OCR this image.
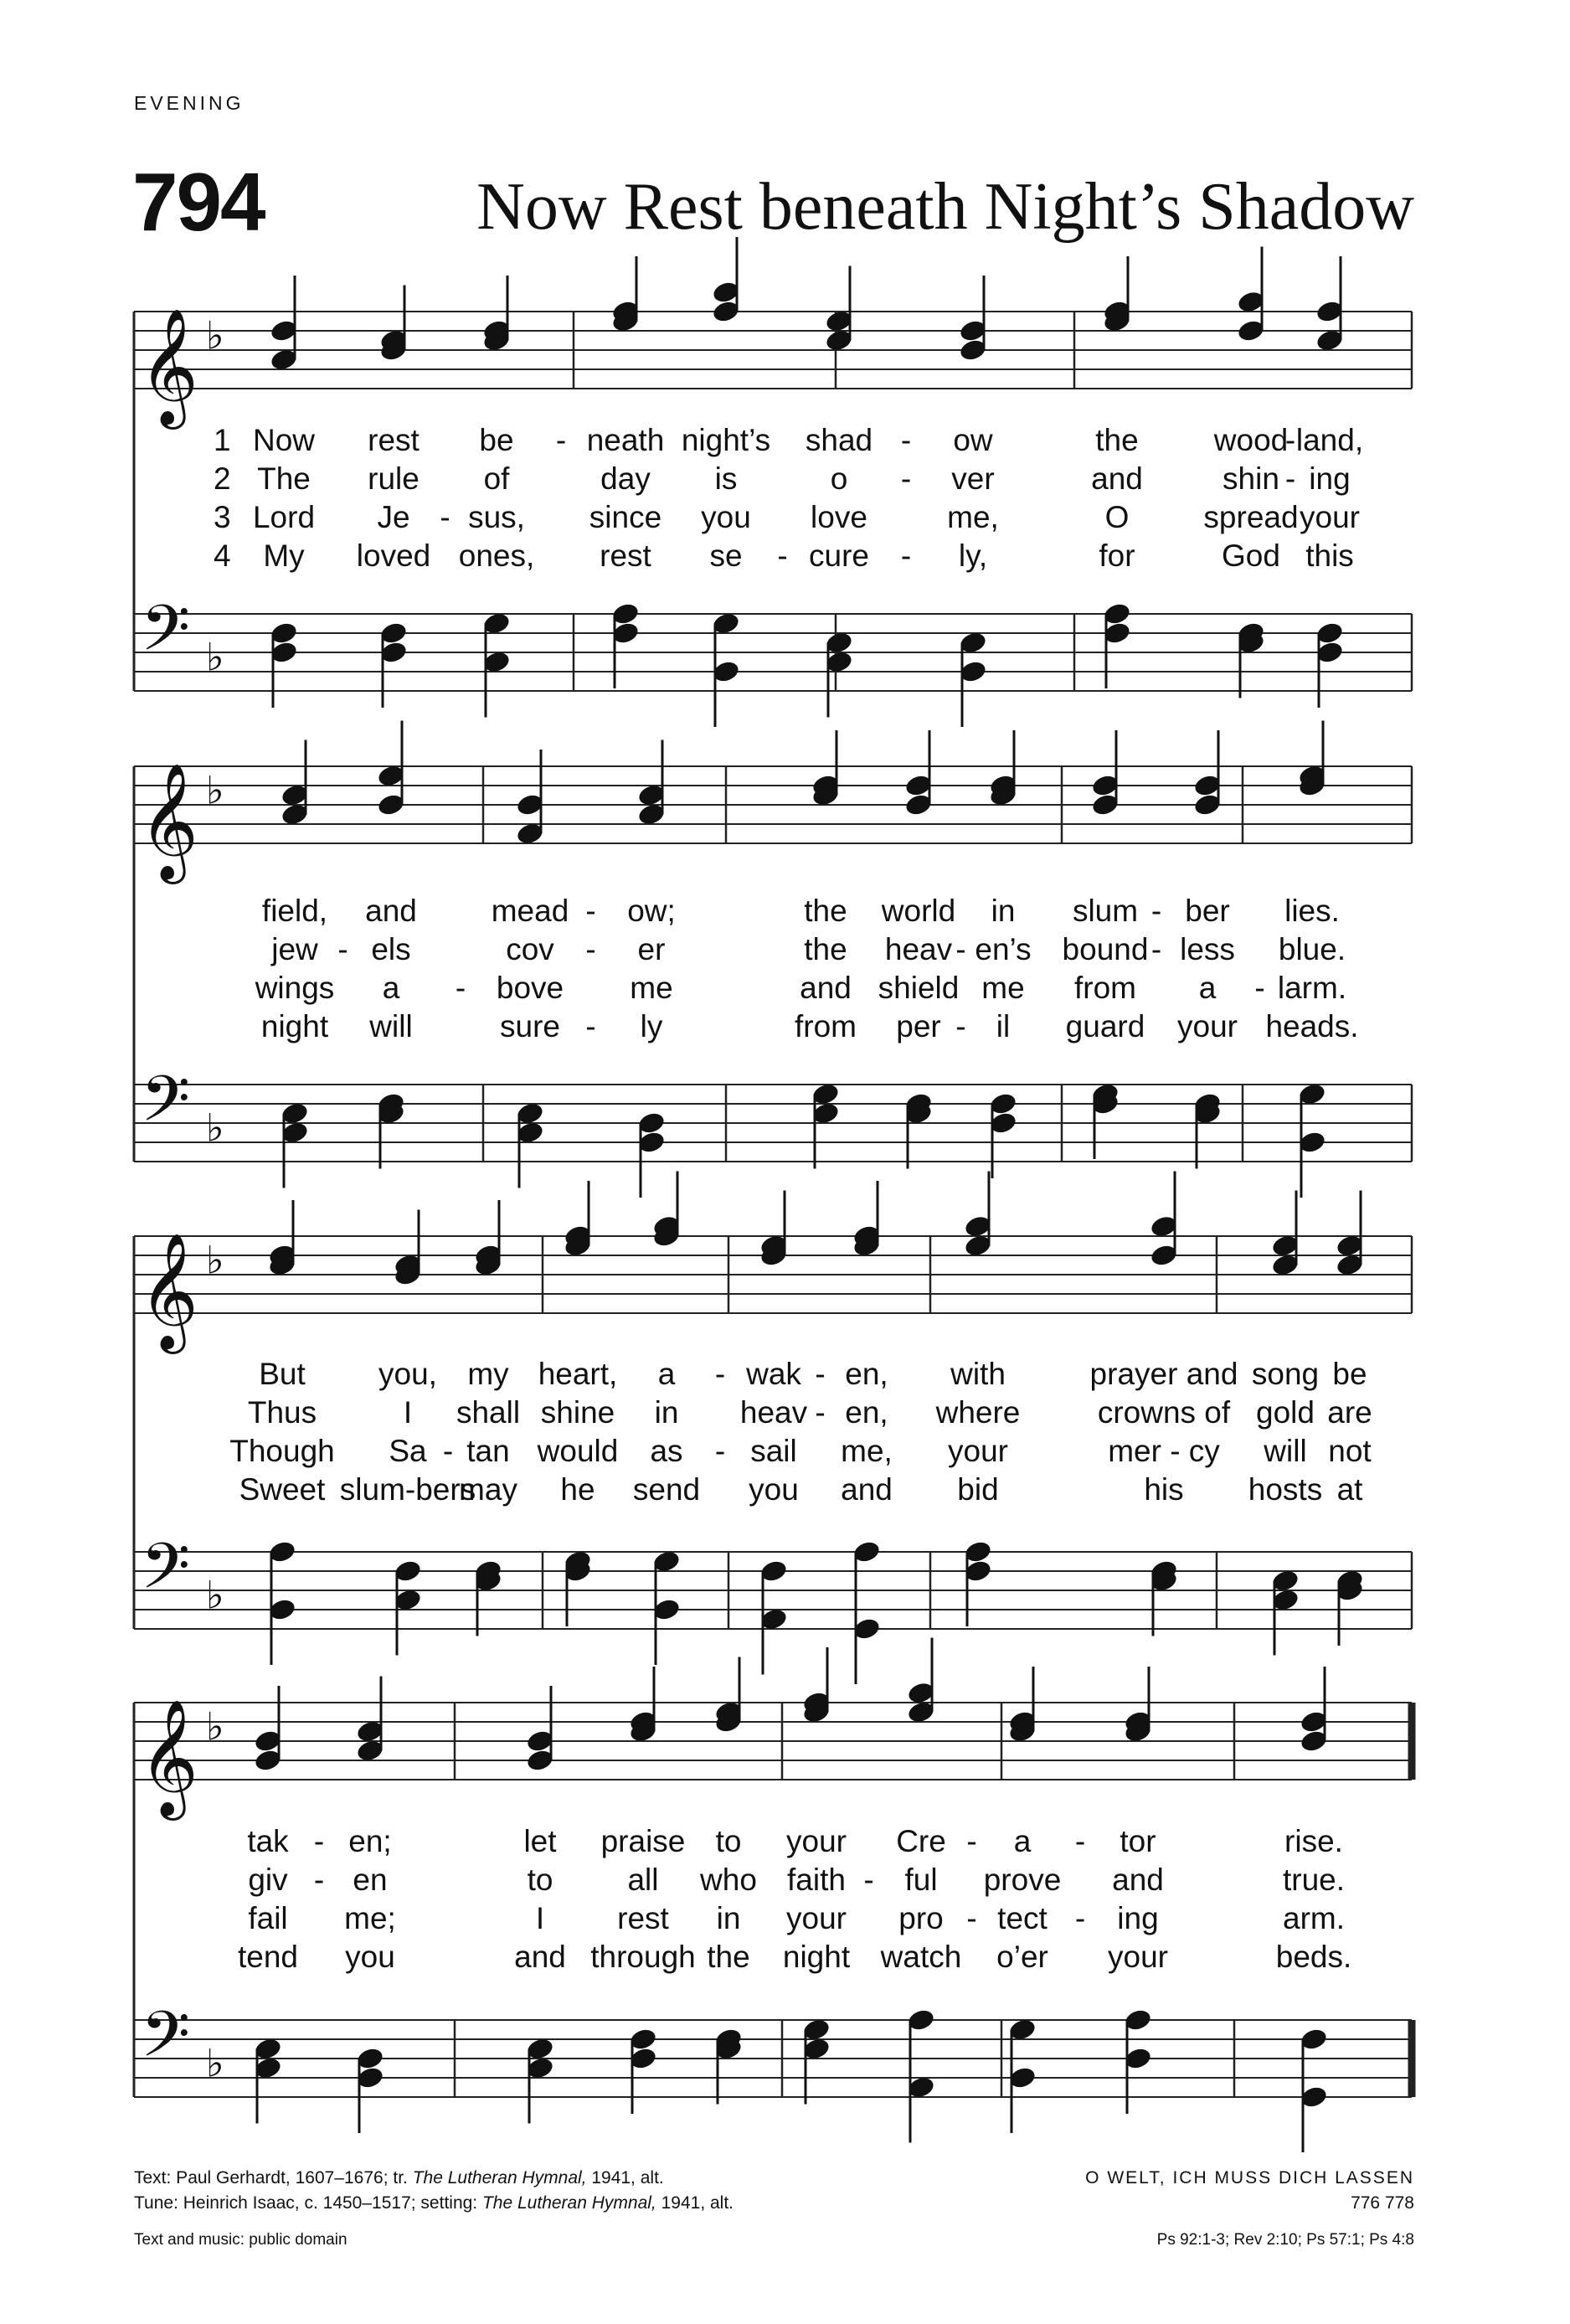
EVENING
794	Now Rest beneath Night’s Shadow
𝄞 ♭
𝄢 ♭
𝄞 ♭
𝄢 ♭
𝄞 ♭
𝄢 ♭
𝄞 ♭
𝄢 ♭
Text: Paul Gerhardt, 1607–1676; tr. The Lutheran Hymnal, 1941, alt.
Tune: Heinrich Isaac, c. 1450–1517; setting: The Lutheran Hymnal, 1941, alt.
Text and music: public domain
O WELT, ICH MUSS DICH LASSEN
776 778
Ps 92:1-3; Rev 2:10; Ps 57:1; Ps 4:8
1 Now rest be - neath night’s shad - ow	the wood
- land,
2 The rule of	day is	o - ver	and	shin - ing
3 Lord Je - sus, since you love	me,	O spread your
4 My loved ones, rest se - cure - ly,	for	God this
field, and mead - ow;	the world in slum - ber lies.
jew - els	cov - er	the heav - en’s bound - less blue.
wings a - bove me	and shield me from a - larm.
night will	sure - ly	from per - il guard your heads.
But you, my heart, a - wak - en, with	prayer and song be
Thus	I shall shine in heav - en, where crowns of gold are
Though Sa - tan would as - sail me, your	mer - cy will not
Sweet slum-bers
may he send you and bid	his hosts at
tak - en;	let praise to your Cre - a - tor	rise.
giv - en	to all who faith - ful prove and	true.
fail me;	I rest in your pro - tect - ing	arm.
tend you	and through the night watch o’er your	beds.
